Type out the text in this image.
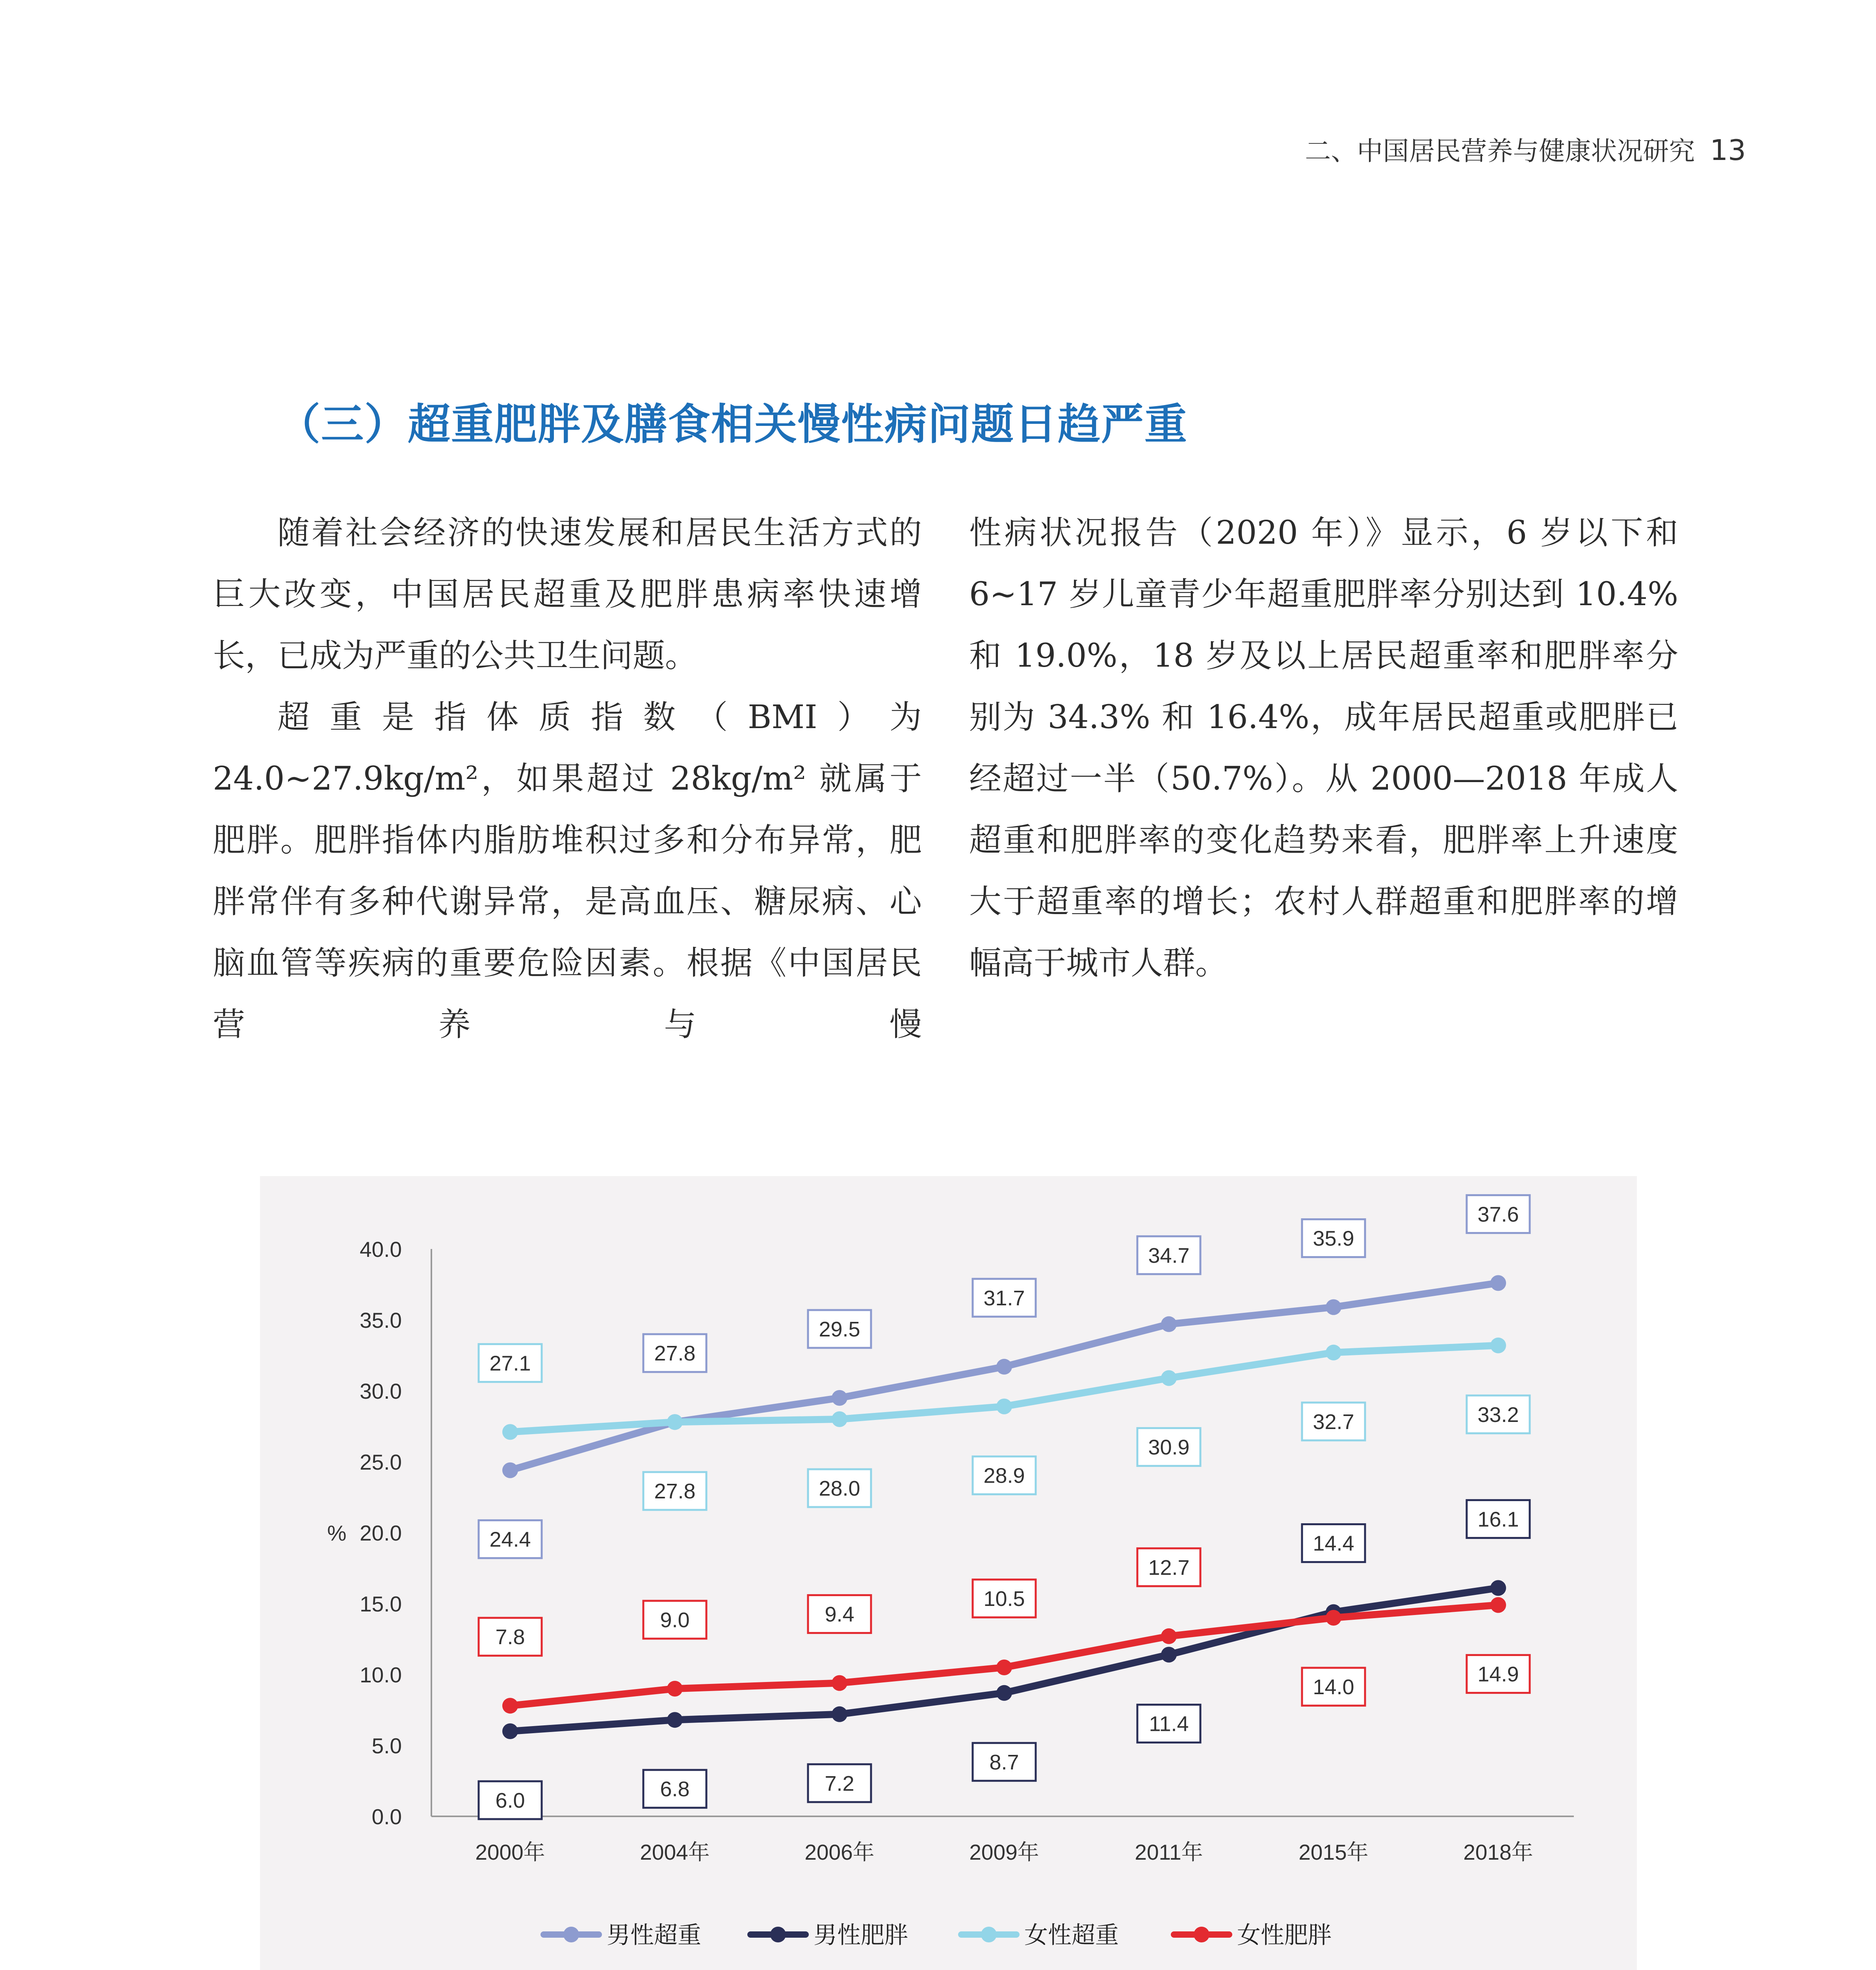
二、中国居民营养与健康状况研究 13
（三）超重肥胖及膳食相关慢性病问题日趋严重

随着社会经济的快速发展和居民生活方式的巨大改变，中国居民超重及肥胖患病率快速增长，已成为严重的公共卫生问题。

超重是指体质指数（BMI）为 24.0~27.9kg/m²，如果超过 28kg/m² 就属于肥胖。肥胖指体内脂肪堆积过多和分布异常，肥胖常伴有多种代谢异常，是高血压、糖尿病、心脑血管等疾病的重要危险因素。根据《中国居民营养与慢

性病状况报告（2020 年）》显示，6 岁以下和 6~17 岁儿童青少年超重肥胖率分别达到 10.4% 和 19.0%，18 岁及以上居民超重率和肥胖率分别为 34.3% 和 16.4%，成年居民超重或肥胖已经超过一半（50.7%）。从 2000—2018 年成人超重和肥胖率的变化趋势来看，肥胖率上升速度大于超重率的增长；农村人群超重和肥胖率的增幅高于城市人群。

0.0
5.0
10.0
15.0
20.0
25.0
30.0
35.0
40.0
%
2000年	2004年	2006年	2009年	2011年	2015年	2018年
24.4
27.8
29.5
31.7
34.7
35.9
37.6
6.0	6.8	7.2
8.7
11.4
14.4
16.1
27.1
27.8	28.0
28.9
30.9
32.7	33.2
7.8
9.0	9.4
10.5
12.7
14.0
14.9
男性超重	男性肥胖	女性超重	女性肥胖
